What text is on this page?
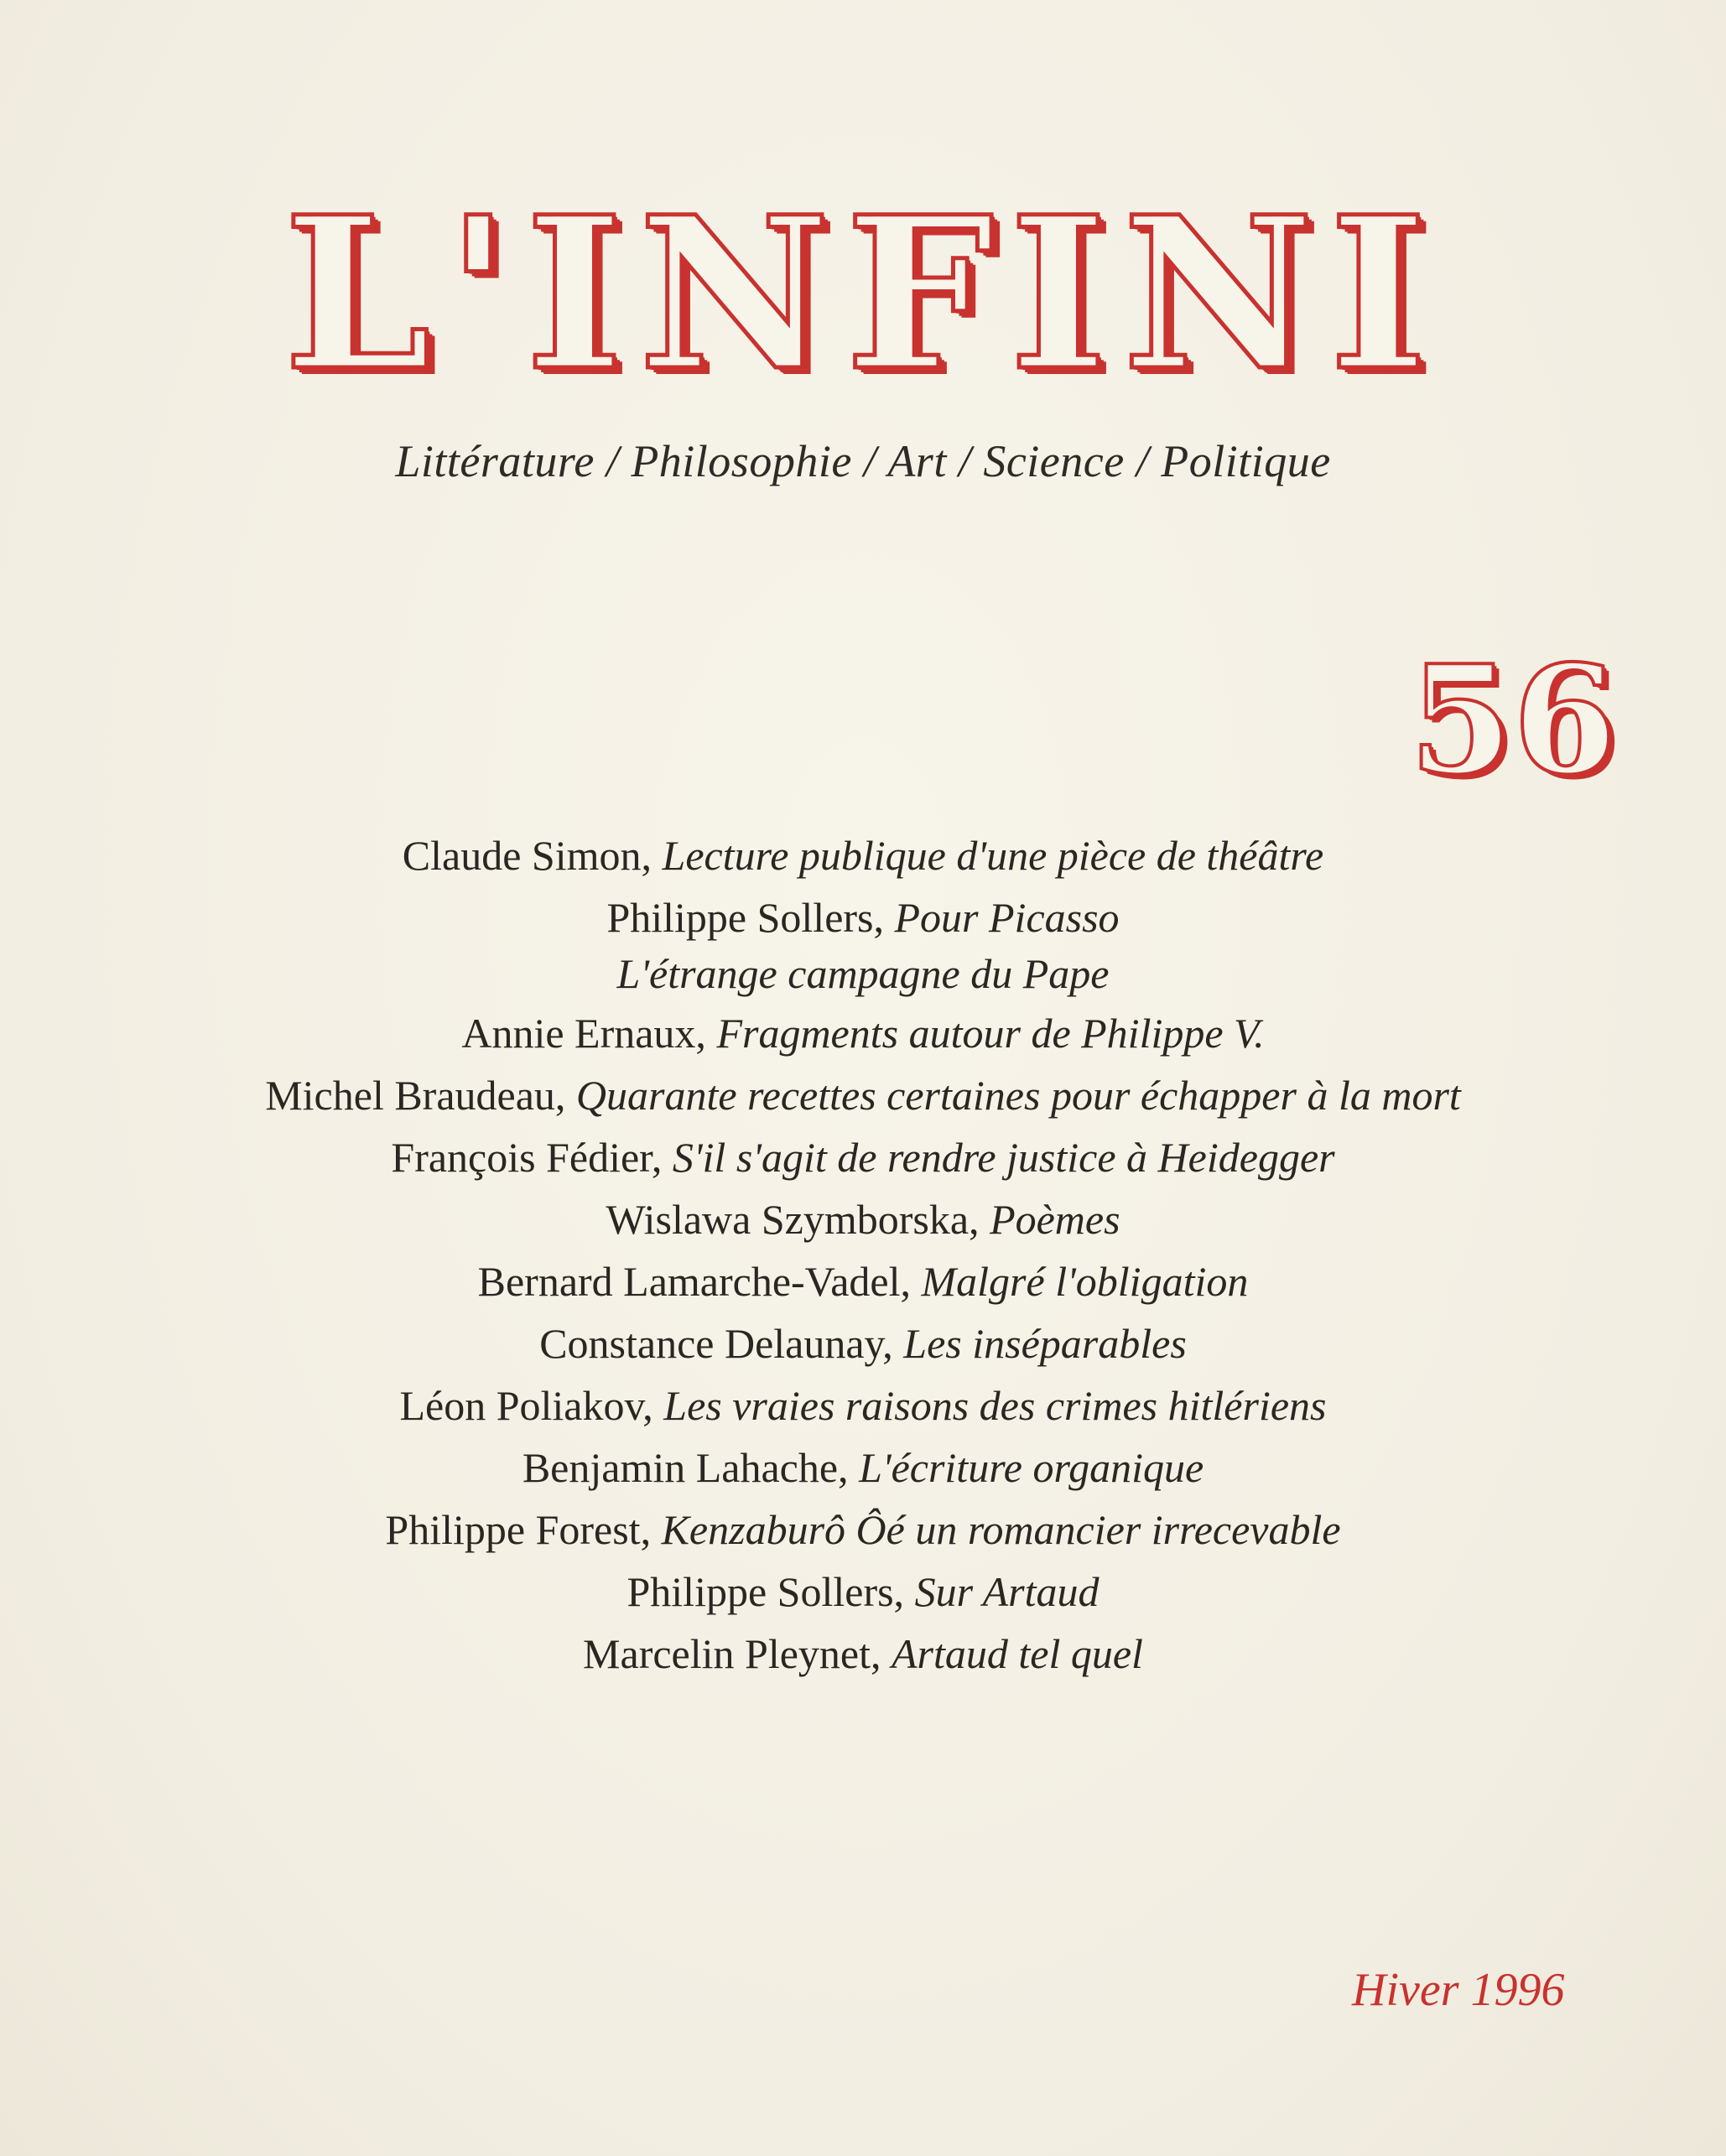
L'INFINI
Littérature / Philosophie / Art / Science / Politique
56
Claude Simon, Lecture publique d'une pièce de théâtre
Philippe Sollers, Pour Picasso
L'étrange campagne du Pape
Annie Ernaux, Fragments autour de Philippe V.
Michel Braudeau, Quarante recettes certaines pour échapper à la mort
François Fédier, S'il s'agit de rendre justice à Heidegger
Wislawa Szymborska, Poèmes
Bernard Lamarche-Vadel, Malgré l'obligation
Constance Delaunay, Les inséparables
Léon Poliakov, Les vraies raisons des crimes hitlériens
Benjamin Lahache, L'écriture organique
Philippe Forest, Kenzaburô Ôé un romancier irrecevable
Philippe Sollers, Sur Artaud
Marcelin Pleynet, Artaud tel quel
Hiver 1996
